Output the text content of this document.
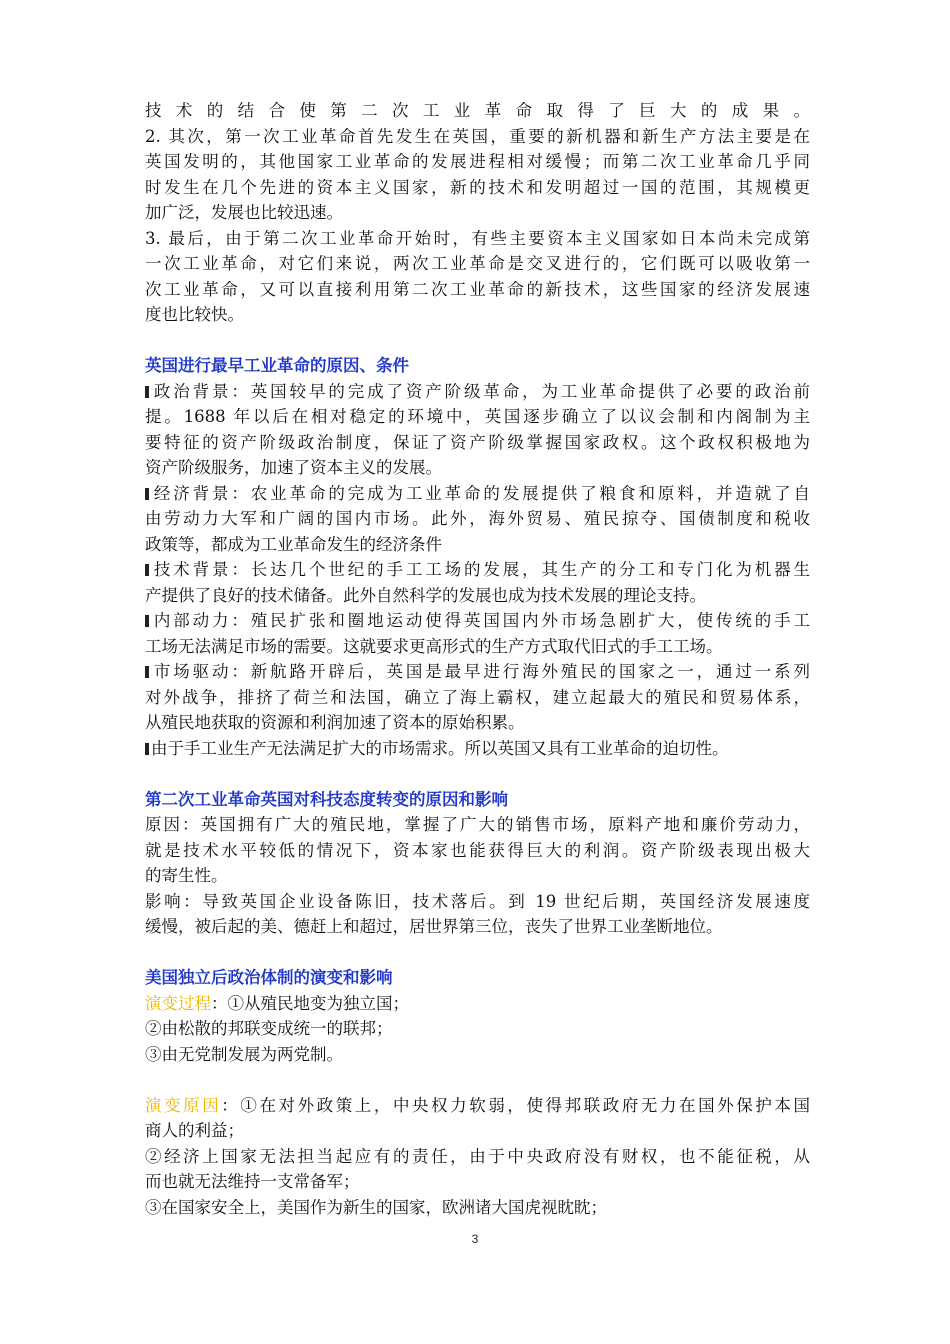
技术的结合使第二次工业革命取得了巨大的成果。
2. 其次，第一次工业革命首先发生在英国，重要的新机器和新生产方法主要是在
英国发明的，其他国家工业革命的发展进程相对缓慢；而第二次工业革命几乎同
时发生在几个先进的资本主义国家，新的技术和发明超过一国的范围，其规模更
加广泛，发展也比较迅速。
3. 最后，由于第二次工业革命开始时，有些主要资本主义国家如日本尚未完成第
一次工业革命，对它们来说，两次工业革命是交叉进行的，它们既可以吸收第一
次工业革命，又可以直接利用第二次工业革命的新技术，这些国家的经济发展速
度也比较快。
英国进行最早工业革命的原因、条件
政治背景：英国较早的完成了资产阶级革命，为工业革命提供了必要的政治前
提。1688 年以后在相对稳定的环境中，英国逐步确立了以议会制和内阁制为主
要特征的资产阶级政治制度，保证了资产阶级掌握国家政权。这个政权积极地为
资产阶级服务，加速了资本主义的发展。
经济背景：农业革命的完成为工业革命的发展提供了粮食和原料，并造就了自
由劳动力大军和广阔的国内市场。此外，海外贸易、殖民掠夺、国债制度和税收
政策等，都成为工业革命发生的经济条件
技术背景：长达几个世纪的手工工场的发展，其生产的分工和专门化为机器生
产提供了良好的技术储备。此外自然科学的发展也成为技术发展的理论支持。
内部动力：殖民扩张和圈地运动使得英国国内外市场急剧扩大，使传统的手工
工场无法满足市场的需要。这就要求更高形式的生产方式取代旧式的手工工场。
市场驱动：新航路开辟后，英国是最早进行海外殖民的国家之一，通过一系列
对外战争，排挤了荷兰和法国，确立了海上霸权，建立起最大的殖民和贸易体系，
从殖民地获取的资源和利润加速了资本的原始积累。
由于手工业生产无法满足扩大的市场需求。所以英国又具有工业革命的迫切性。
第二次工业革命英国对科技态度转变的原因和影响
原因：英国拥有广大的殖民地，掌握了广大的销售市场，原料产地和廉价劳动力，
就是技术水平较低的情况下，资本家也能获得巨大的利润。资产阶级表现出极大
的寄生性。
影响：导致英国企业设备陈旧，技术落后。到 19 世纪后期，英国经济发展速度
缓慢，被后起的美、德赶上和超过，居世界第三位，丧失了世界工业垄断地位。
美国独立后政治体制的演变和影响
演变过程：①从殖民地变为独立国；
②由松散的邦联变成统一的联邦；
③由无党制发展为两党制。
演变原因：①在对外政策上，中央权力软弱，使得邦联政府无力在国外保护本国
商人的利益；
②经济上国家无法担当起应有的责任，由于中央政府没有财权，也不能征税，从
而也就无法维持一支常备军；
③在国家安全上，美国作为新生的国家，欧洲诸大国虎视眈眈；
3
